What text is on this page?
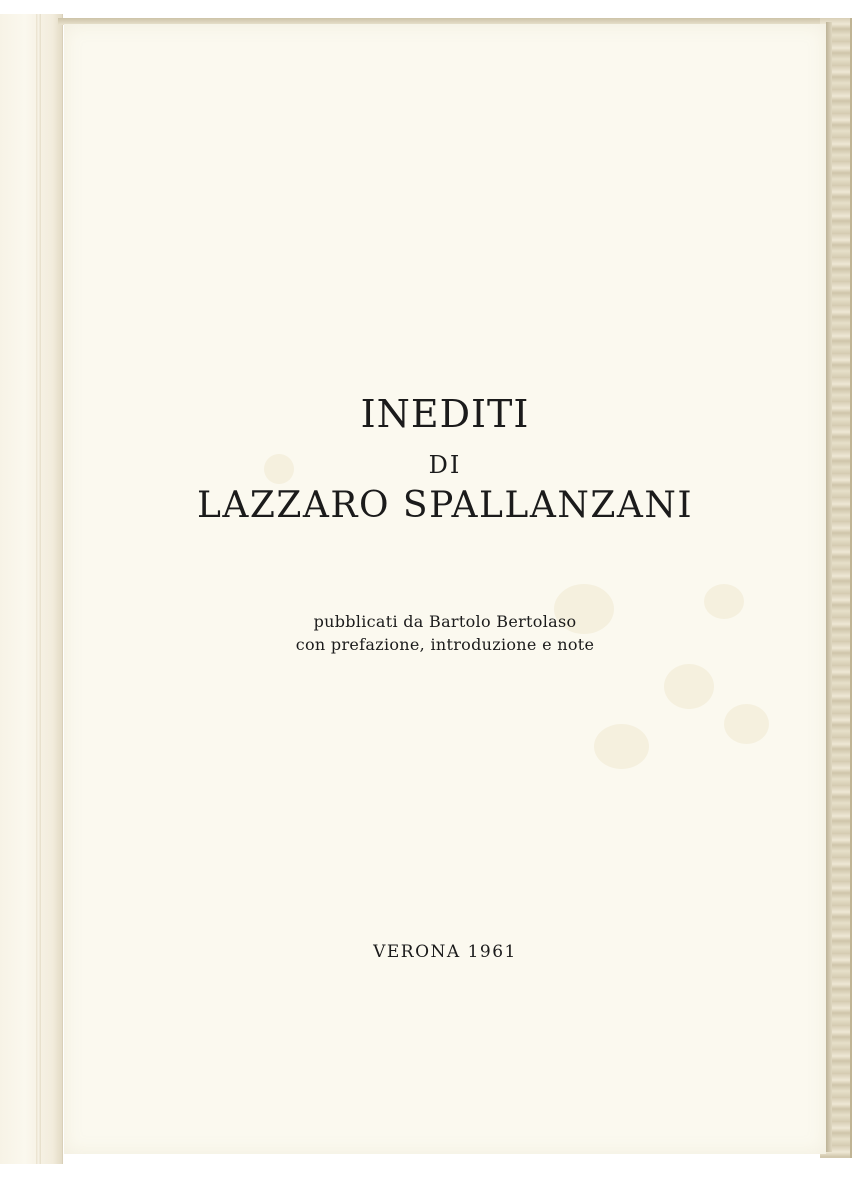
INEDITI
DI
LAZZARO SPALLANZANI
pubblicati da Bartolo Bertolaso
con prefazione, introduzione e note
VERONA 1961
